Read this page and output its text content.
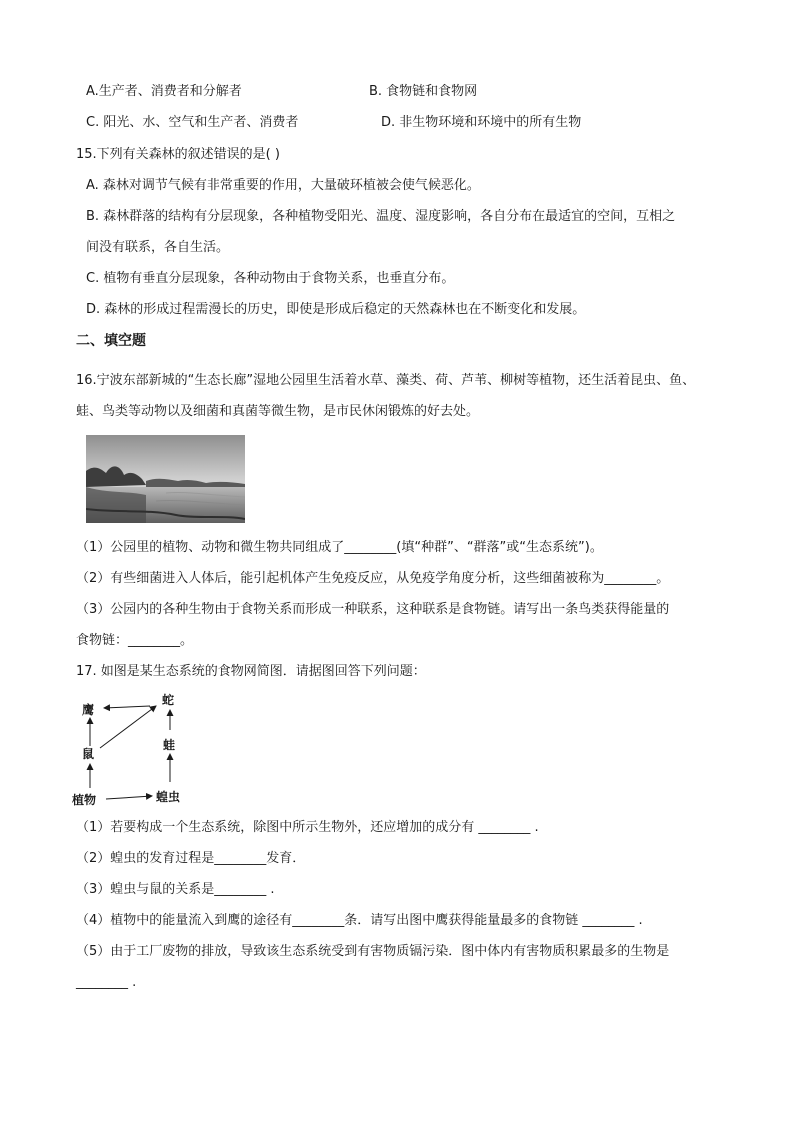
A.生产者、消费者和分解者	B. 食物链和食物网
C. 阳光、水、空气和生产者、消费者	D. 非生物环境和环境中的所有生物
15.下列有关森林的叙述错误的是( )
A. 森林对调节气候有非常重要的作用，大量破环植被会使气候恶化。
B. 森林群落的结构有分层现象，各种植物受阳光、温度、湿度影响，各自分布在最适宜的空间，互相之
间没有联系，各自生活。
C. 植物有垂直分层现象，各种动物由于食物关系，也垂直分布。
D. 森林的形成过程需漫长的历史，即使是形成后稳定的天然森林也在不断变化和发展。
二、填空题
16.宁波东部新城的“生态长廊”湿地公园里生活着水草、藻类、荷、芦苇、柳树等植物，还生活着昆虫、鱼、
蛙、鸟类等动物以及细菌和真菌等微生物，是市民休闲锻炼的好去处。
（1）公园里的植物、动物和微生物共同组成了________(填“种群”、“群落”或“生态系统”)。
（2）有些细菌进入人体后，能引起机体产生免疫反应，从免疫学角度分析，这些细菌被称为________。
（3）公园内的各种生物由于食物关系而形成一种联系，这种联系是食物链。请写出一条鸟类获得能量的
食物链：________。
17. 如图是某生态系统的食物网简图．请据图回答下列问题：
鹰
蛇
鼠
蛙
植物	蝗虫
（1）若要构成一个生态系统，除图中所示生物外，还应增加的成分有 ________ .
（2）蝗虫的发育过程是________发育．
（3）蝗虫与鼠的关系是________ .
（4）植物中的能量流入到鹰的途径有________条．请写出图中鹰获得能量最多的食物链 ________ .
（5）由于工厂废物的排放，导致该生态系统受到有害物质镉污染．图中体内有害物质积累最多的生物是
________ .
